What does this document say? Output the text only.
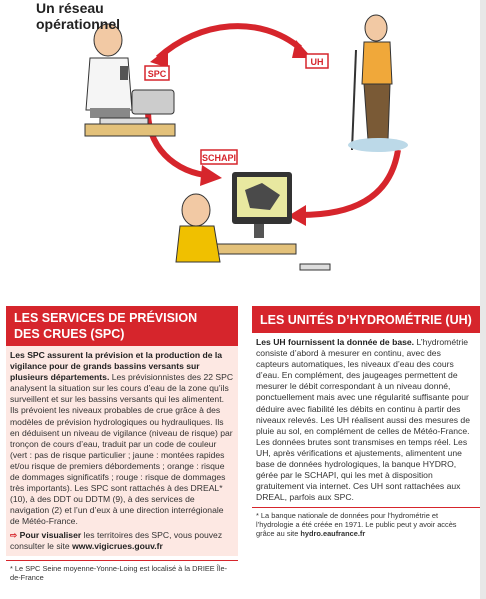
SPC
UH
SCHAPI
Un réseau
opérationnel
LES SERVICES DE PRÉVISION
DES CRUES (SPC)
Les SPC assurent la prévision et la production de la vigilance pour de grands bassins versants sur plusieurs départements. Les prévisionnistes des 22 SPC analysent la situation sur les cours d’eau de la zone qu’ils surveillent et sur les bassins versants qui les alimentent. Ils prévoient les niveaux probables de crue grâce à des modèles de prévision hydrologiques ou hydrauliques. Ils en déduisent un niveau de vigilance (niveau de risque) par tronçon de cours d’eau, traduit par un code de couleur (vert : pas de risque particulier ; jaune : montées rapides et/ou risque de premiers débordements ; orange : risque de dommages significatifs ; rouge : risque de dommages très importants). Les SPC sont rattachés à des DREAL* (10), à des DDT ou DDTM (9), à des services de navigation (2) et l’un d’eux à une direction interrégionale de Météo-France.
⇨ Pour visualiser les territoires des SPC, vous pouvez consulter le site www.vigicrues.gouv.fr
* Le SPC Seine moyenne-Yonne-Loing est localisé à la DRIEE Île-de-France
LES UNITÉS D’HYDROMÉTRIE (UH)
Les UH fournissent la donnée de base. L’hydrométrie consiste d’abord à mesurer en continu, avec des capteurs automatiques, les niveaux d’eau des cours d’eau. En complément, des jaugeages permettent de mesurer le débit correspondant à un niveau donné, ponctuellement mais avec une régularité suffisante pour déduire avec fiabilité les débits en continu à partir des niveaux relevés. Les UH réalisent aussi des mesures de pluie au sol, en complément de celles de Météo-France. Les données brutes sont transmises en temps réel. Les UH, après vérifications et ajustements, alimentent une base de données hydrologiques, la banque HYDRO, gérée par le SCHAPI, qui les met à disposition gratuitement via internet. Ces UH sont rattachées aux DREAL, parfois aux SPC.
* La banque nationale de données pour l’hydrométrie et l’hydrologie a été créée en 1971. Le public peut y avoir accès grâce au site hydro.eaufrance.fr
